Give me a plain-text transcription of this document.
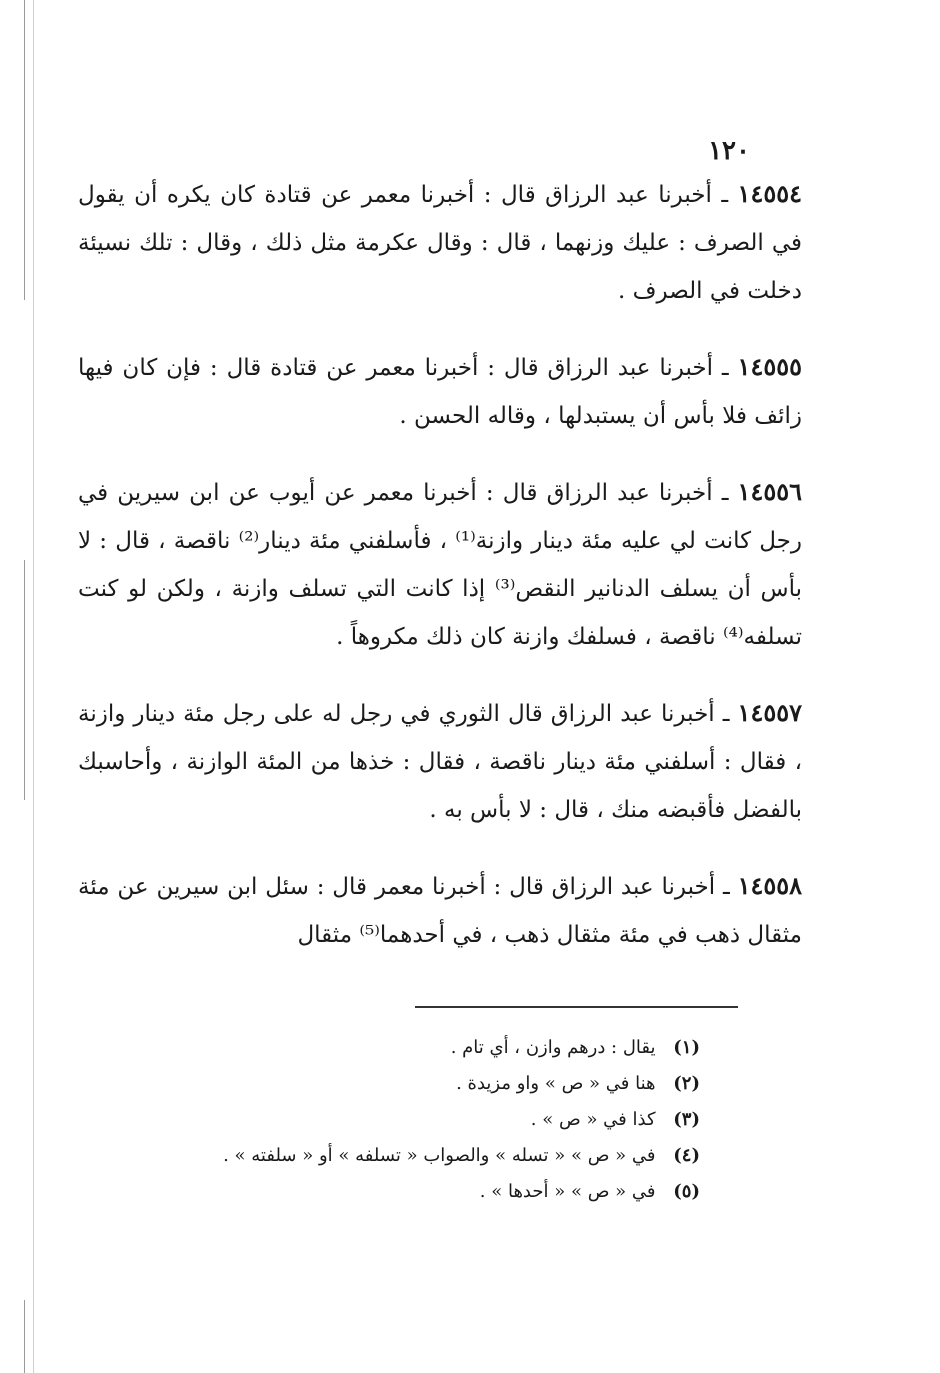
١٢٠

١٤٥٥٤ ـ أخبرنا عبد الرزاق قال : أخبرنا معمر عن قتادة كان يكره أن يقول في الصرف : عليك وزنهما ، قال : وقال عكرمة مثل ذلك ، وقال : تلك نسيئة دخلت في الصرف .

١٤٥٥٥ ـ أخبرنا عبد الرزاق قال : أخبرنا معمر عن قتادة قال : فإن كان فيها زائف فلا بأس أن يستبدلها ، وقاله الحسن .

١٤٥٥٦ ـ أخبرنا عبد الرزاق قال : أخبرنا معمر عن أيوب عن ابن سيرين في رجل كانت لي عليه مئة دينار وازنة⁽¹⁾ ، فأسلفني مئة دينار⁽²⁾ ناقصة ، قال : لا بأس أن يسلف الدنانير النقص⁽³⁾ إذا كانت التي تسلف وازنة ، ولكن لو كنت تسلفه⁽⁴⁾ ناقصة ، فسلفك وازنة كان ذلك مكروهاً .

١٤٥٥٧ ـ أخبرنا عبد الرزاق قال الثوري في رجل له على رجل مئة دينار وازنة ، فقال : أسلفني مئة دينار ناقصة ، فقال : خذها من المئة الوازنة ، وأحاسبك بالفضل فأقبضه منك ، قال : لا بأس به .

١٤٥٥٨ ـ أخبرنا عبد الرزاق قال : أخبرنا معمر قال : سئل ابن سيرين عن مئة مثقال ذهب في مئة مثقال ذهب ، في أحدهما⁽⁵⁾ مثقال

(١) يقال : درهم وازن ، أي تام .
(٢) هنا في « ص » واو مزيدة .
(٣) كذا في « ص » .
(٤) في « ص » « تسله » والصواب « تسلفه » أو « سلفته » .
(٥) في « ص » « أحدها » .
